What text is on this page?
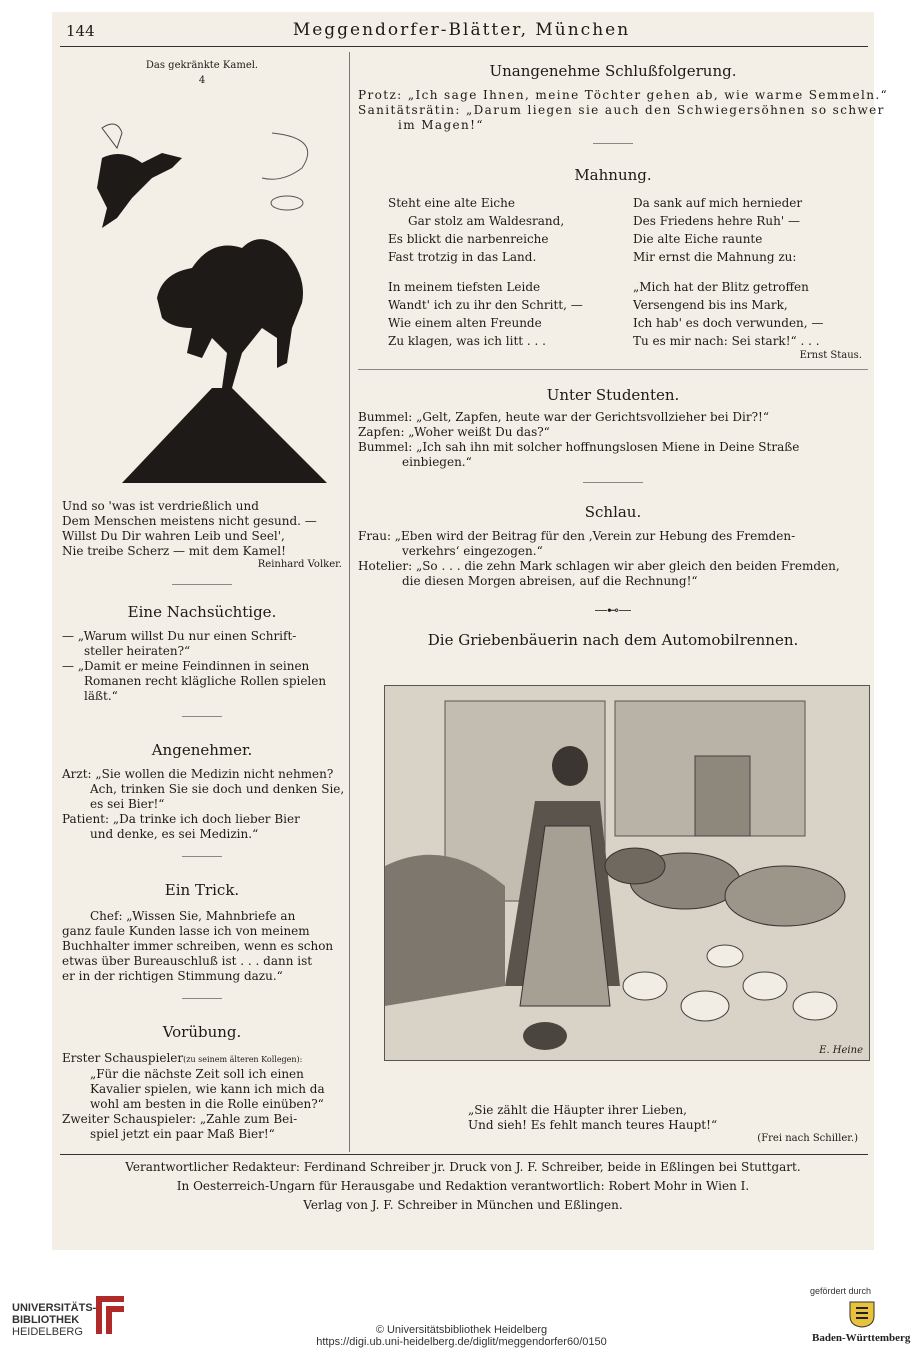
144	Meggendorfer-Blätter, München

Das gekränkte Kamel.

4

Und so 'was ist verdrießlich und

Dem Menschen meistens nicht gesund. —

Willst Du Dir wahren Leib und Seel',

Nie treibe Scherz — mit dem Kamel!

Reinhard Volker.

Eine Nachsüchtige.

— „Warum willst Du nur einen Schrift-

steller heiraten?“

— „Damit er meine Feindinnen in seinen

Romanen recht klägliche Rollen spielen

läßt.“

Angenehmer.

Arzt: „Sie wollen die Medizin nicht nehmen?

Ach, trinken Sie sie doch und denken Sie,

es sei Bier!“

Patient: „Da trinke ich doch lieber Bier

und denke, es sei Medizin.“

Ein Trick.

Chef: „Wissen Sie, Mahnbriefe an

ganz faule Kunden lasse ich von meinem

Buchhalter immer schreiben, wenn es schon

etwas über Bureauschluß ist . . . dann ist

er in der richtigen Stimmung dazu.“

Vorübung.

Erster Schauspieler(zu seinem älteren Kollegen):

„Für die nächste Zeit soll ich einen

Kavalier spielen, wie kann ich mich da

wohl am besten in die Rolle einüben?“

Zweiter Schauspieler: „Zahle zum Bei-

spiel jetzt ein paar Maß Bier!“

Unangenehme Schlußfolgerung.

Protz: „Ich sage Ihnen, meine Töchter gehen ab, wie warme Semmeln.“

Sanitätsrätin: „Darum liegen sie auch den Schwiegersöhnen so schwer

im Magen!“

Mahnung.

Steht eine alte Eiche

Gar stolz am Waldesrand,

Es blickt die narbenreiche

Fast trotzig in das Land.

Da sank auf mich hernieder

Des Friedens hehre Ruh' —

Die alte Eiche raunte

Mir ernst die Mahnung zu:

In meinem tiefsten Leide

Wandt' ich zu ihr den Schritt, —

Wie einem alten Freunde

Zu klagen, was ich litt . . .

„Mich hat der Blitz getroffen

Versengend bis ins Mark,

Ich hab' es doch verwunden, —

Tu es mir nach: Sei stark!“ . . .

Ernst Staus.

Unter Studenten.

Bummel: „Gelt, Zapfen, heute war der Gerichtsvollzieher bei Dir?!“

Zapfen: „Woher weißt Du das?“

Bummel: „Ich sah ihn mit solcher hoffnungslosen Miene in Deine Straße

einbiegen.“

Schlau.

Frau: „Eben wird der Beitrag für den ‚Verein zur Hebung des Fremden-

verkehrs‘ eingezogen.“

Hotelier: „So . . . die zehn Mark schlagen wir aber gleich den beiden Fremden,

die diesen Morgen abreisen, auf die Rechnung!“

―⊷―

Die Griebenbäuerin nach dem Automobilrennen.

E. Heine

„Sie zählt die Häupter ihrer Lieben,

Und sieh! Es fehlt manch teures Haupt!“

(Frei nach Schiller.)

Verantwortlicher Redakteur: Ferdinand Schreiber jr. Druck von J. F. Schreiber, beide in Eßlingen bei Stuttgart.

In Oesterreich-Ungarn für Herausgabe und Redaktion verantwortlich: Robert Mohr in Wien I.

Verlag von J. F. Schreiber in München und Eßlingen.

UNIVERSITÄTS-
BIBLIOTHEK
HEIDELBERG	© Universitätsbibliothek Heidelberg
https://digi.ub.uni-heidelberg.de/diglit/meggendorfer60/0150
gefördert durch
Baden-Württemberg
